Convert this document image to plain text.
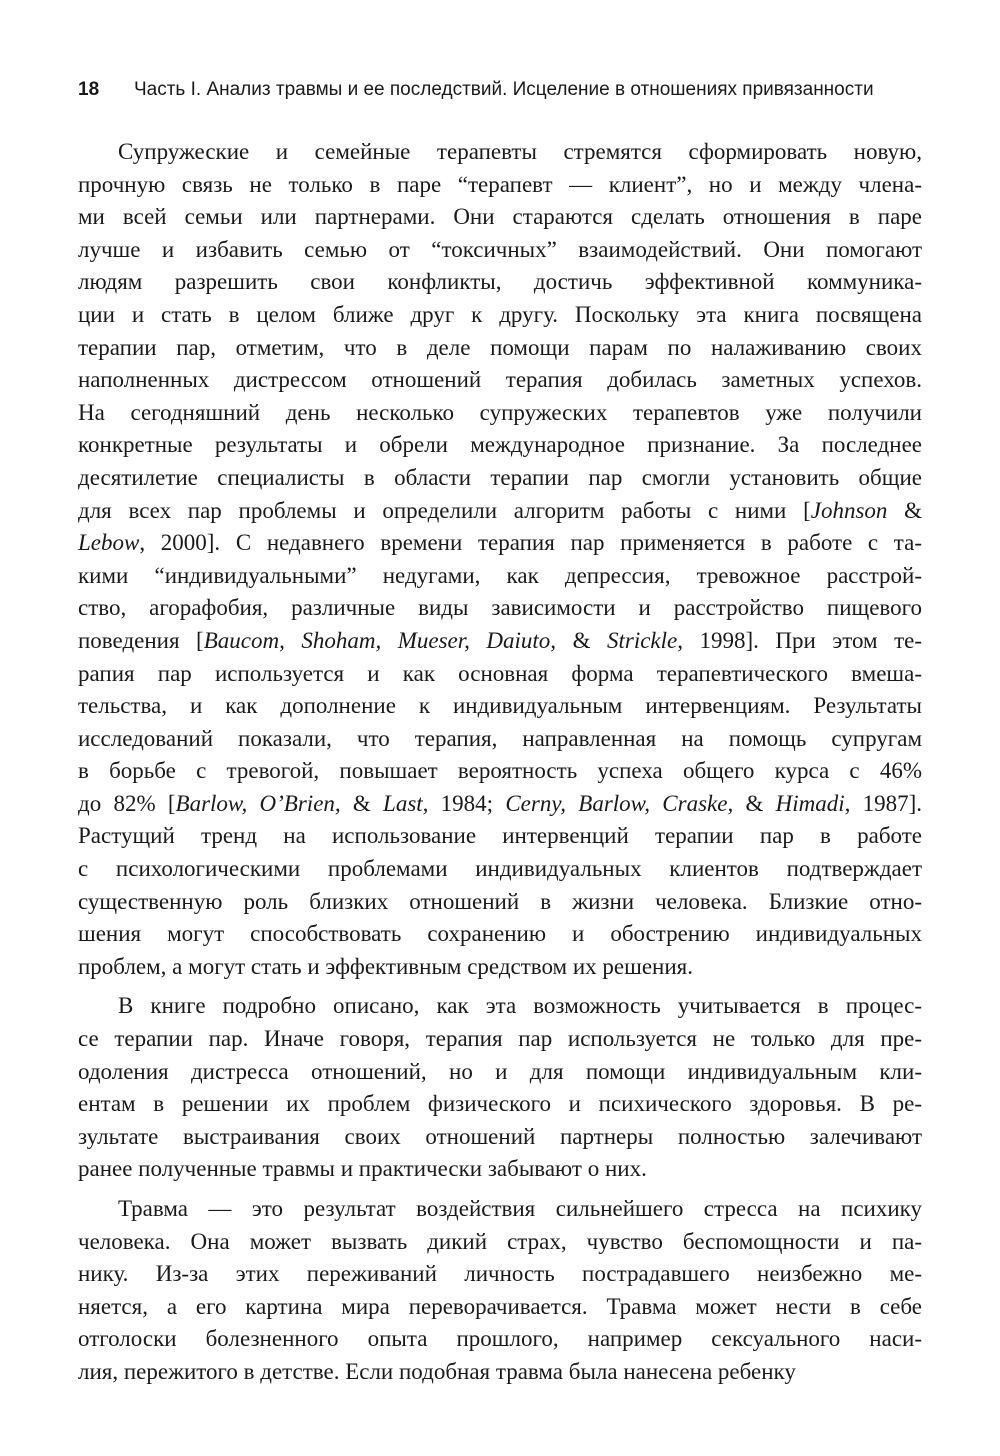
18 Часть I. Анализ травмы и ее последствий. Исцеление в отношениях привязанности
Супружеские и семейные терапевты стремятся сформировать новую,
прочную связь не только в паре “терапевт — клиент”, но и между члена-
ми всей семьи или партнерами. Они стараются сделать отношения в паре
лучше и избавить семью от “токсичных” взаимодействий. Они помогают
людям разрешить свои конфликты, достичь эффективной коммуника-
ции и стать в целом ближе друг к другу. Поскольку эта книга посвящена
терапии пар, отметим, что в деле помощи парам по налаживанию своих
наполненных дистрессом отношений терапия добилась заметных успехов.
На сегодняшний день несколько супружеских терапевтов уже получили
конкретные результаты и обрели международное признание. За последнее
десятилетие специалисты в области терапии пар смогли установить общие
для всех пар проблемы и определили алгоритм работы с ними [Johnson &
Lebow, 2000]. С недавнего времени терапия пар применяется в работе с та-
кими “индивидуальными” недугами, как депрессия, тревожное расстрой-
ство, агорафобия, различные виды зависимости и расстройство пищевого
поведения [Baucom, Shoham, Mueser, Daiuto, & Strickle, 1998]. При этом те-
рапия пар используется и как основная форма терапевтического вмеша-
тельства, и как дополнение к индивидуальным интервенциям. Результаты
исследований показали, что терапия, направленная на помощь супругам
в борьбе с тревогой, повышает вероятность успеха общего курса с 46%
до 82% [Barlow, O’Brien, & Last, 1984; Cerny, Barlow, Craske, & Himadi, 1987].
Растущий тренд на использование интервенций терапии пар в работе
с психологическими проблемами индивидуальных клиентов подтверждает
существенную роль близких отношений в жизни человека. Близкие отно-
шения могут способствовать сохранению и обострению индивидуальных
проблем, а могут стать и эффективным средством их решения.
В книге подробно описано, как эта возможность учитывается в процес-
се терапии пар. Иначе говоря, терапия пар используется не только для пре-
одоления дистресса отношений, но и для помощи индивидуальным кли-
ентам в решении их проблем физического и психического здоровья. В ре-
зультате выстраивания своих отношений партнеры полностью залечивают
ранее полученные травмы и практически забывают о них.
Травма — это результат воздействия сильнейшего стресса на психику
человека. Она может вызвать дикий страх, чувство беспомощности и па-
нику. Из-за этих переживаний личность пострадавшего неизбежно ме-
няется, а его картина мира переворачивается. Травма может нести в себе
отголоски болезненного опыта прошлого, например сексуального наси-
лия, пережитого в детстве. Если подобная травма была нанесена ребенку
